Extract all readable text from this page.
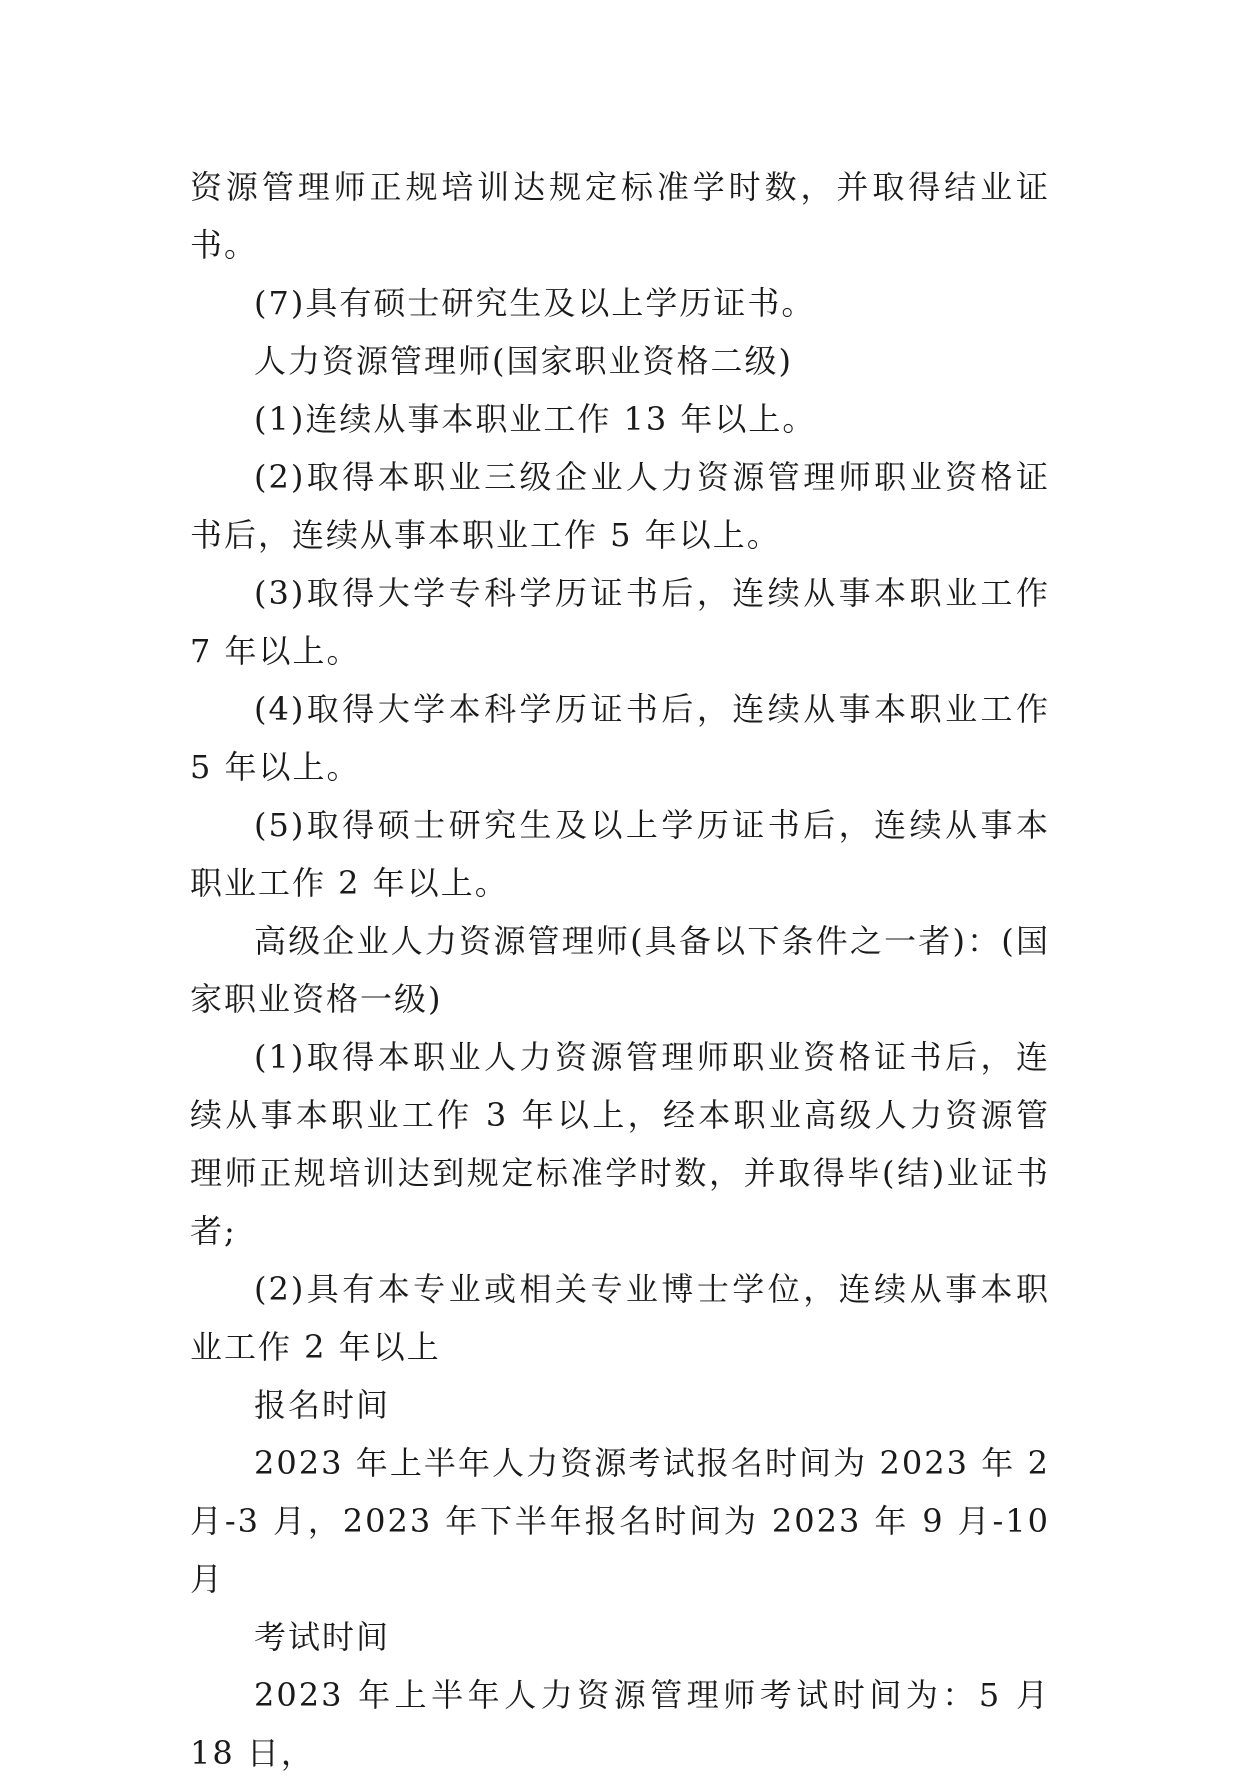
资源管理师正规培训达规定标准学时数，并取得结业证书。

(7)具有硕士研究生及以上学历证书。

人力资源管理师(国家职业资格二级)

(1)连续从事本职业工作 13 年以上。

(2)取得本职业三级企业人力资源管理师职业资格证书后，连续从事本职业工作 5 年以上。

(3)取得大学专科学历证书后，连续从事本职业工作 7 年以上。

(4)取得大学本科学历证书后，连续从事本职业工作 5 年以上。

(5)取得硕士研究生及以上学历证书后，连续从事本职业工作 2 年以上。

高级企业人力资源管理师(具备以下条件之一者)：(国家职业资格一级)

(1)取得本职业人力资源管理师职业资格证书后，连续从事本职业工作 3 年以上，经本职业高级人力资源管理师正规培训达到规定标准学时数，并取得毕(结)业证书者;

(2)具有本专业或相关专业博士学位，连续从事本职业工作 2 年以上

报名时间

2023 年上半年人力资源考试报名时间为 2023 年 2 月-3 月，2023 年下半年报名时间为 2023 年 9 月-10 月

考试时间

2023 年上半年人力资源管理师考试时间为：5 月 18 日，
